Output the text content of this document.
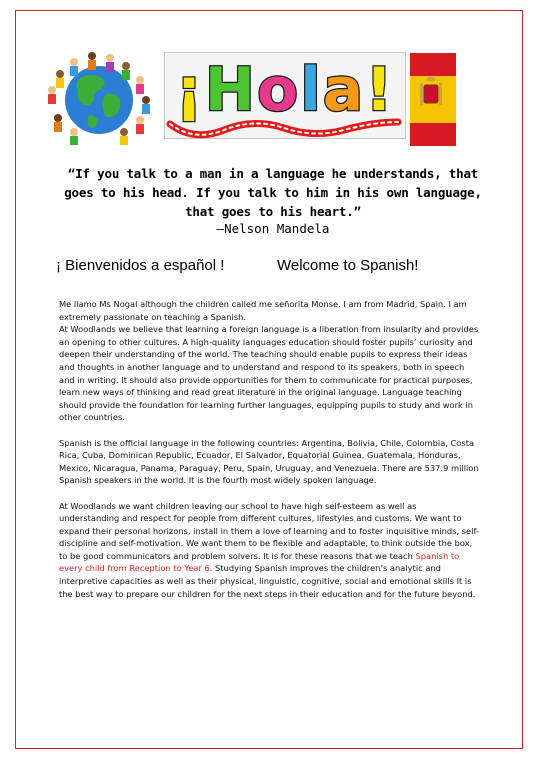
¡Hola!
“If you talk to a man in a language he understands, that goes to his head. If you talk to him in his own language, that goes to his heart.”
—Nelson Mandela
¡ Bienvenidos a español !	Welcome to Spanish!

Me llamo Ms Nogal although the children called me señorita Monse. I am from Madrid, Spain. I am extremely passionate on teaching a Spanish.
At Woodlands we believe that learning a foreign language is a liberation from insularity and provides an opening to other cultures. A high-quality languages education should foster pupils’ curiosity and deepen their understanding of the world. The teaching should enable pupils to express their ideas and thoughts in another language and to understand and respond to its speakers, both in speech and in writing. It should also provide opportunities for them to communicate for practical purposes, learn new ways of thinking and read great literature in the original language. Language teaching should provide the foundation for learning further languages, equipping pupils to study and work in other countries.

Spanish is the official language in the following countries: Argentina, Bolivia, Chile, Colombia, Costa Rica, Cuba, Dominican Republic, Ecuador, El Salvador, Equatorial Guinea, Guatemala, Honduras, Mexico, Nicaragua, Panama, Paraguay, Peru, Spain, Uruguay, and Venezuela. There are 537.9 million Spanish speakers in the world. It is the fourth most widely spoken language.

At Woodlands we want children leaving our school to have high self-esteem as well as understanding and respect for people from different cultures, lifestyles and customs. We want to expand their personal horizons, install in them a love of learning and to foster inquisitive minds, self-discipline and self-motivation. We want them to be flexible and adaptable, to think outside the box, to be good communicators and problem solvers. It is for these reasons that we teach Spanish to every child from Reception to Year 6. Studying Spanish improves the children’s analytic and interpretive capacities as well as their physical, linguistic, cognitive, social and emotional skills It is the best way to prepare our children for the next steps in their education and for the future beyond.
